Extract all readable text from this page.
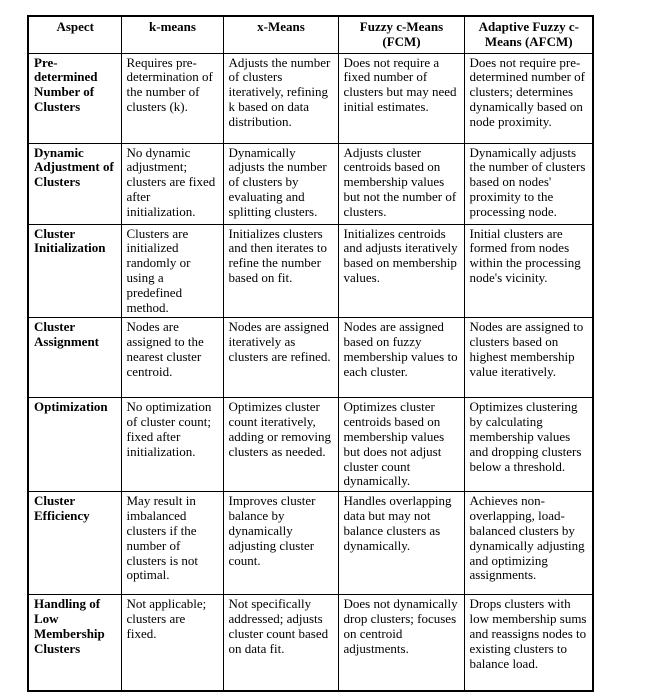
Aspect	k-means	x-Means	Fuzzy c-Means (FCM)	Adaptive Fuzzy c-Means (AFCM)
Pre-determined Number of Clusters	Requires pre-determination of the number of clusters (k).	Adjusts the number of clusters iteratively, refining k based on data distribution.	Does not require a fixed number of clusters but may need initial estimates.	Does not require pre-determined number of clusters; determines dynamically based on node proximity.
Dynamic Adjustment of Clusters	No dynamic adjustment; clusters are fixed after initialization.	Dynamically adjusts the number of clusters by evaluating and splitting clusters.	Adjusts cluster centroids based on membership values but not the number of clusters.	Dynamically adjusts the number of clusters based on nodes' proximity to the processing node.
Cluster Initialization	Clusters are initialized randomly or using a predefined method.	Initializes clusters and then iterates to refine the number based on fit.	Initializes centroids and adjusts iteratively based on membership values.	Initial clusters are formed from nodes within the processing node's vicinity.
Cluster Assignment	Nodes are assigned to the nearest cluster centroid.	Nodes are assigned iteratively as clusters are refined.	Nodes are assigned based on fuzzy membership values to each cluster.	Nodes are assigned to clusters based on highest membership value iteratively.
Optimization	No optimization of cluster count; fixed after initialization.	Optimizes cluster count iteratively, adding or removing clusters as needed.	Optimizes cluster centroids based on membership values but does not adjust cluster count dynamically.	Optimizes clustering by calculating membership values and dropping clusters below a threshold.
Cluster Efficiency	May result in imbalanced clusters if the number of clusters is not optimal.	Improves cluster balance by dynamically adjusting cluster count.	Handles overlapping data but may not balance clusters as dynamically.	Achieves non-overlapping, load-balanced clusters by dynamically adjusting and optimizing assignments.
Handling of Low Membership Clusters	Not applicable; clusters are fixed.	Not specifically addressed; adjusts cluster count based on data fit.	Does not dynamically drop clusters; focuses on centroid adjustments.	Drops clusters with low membership sums and reassigns nodes to existing clusters to balance load.
